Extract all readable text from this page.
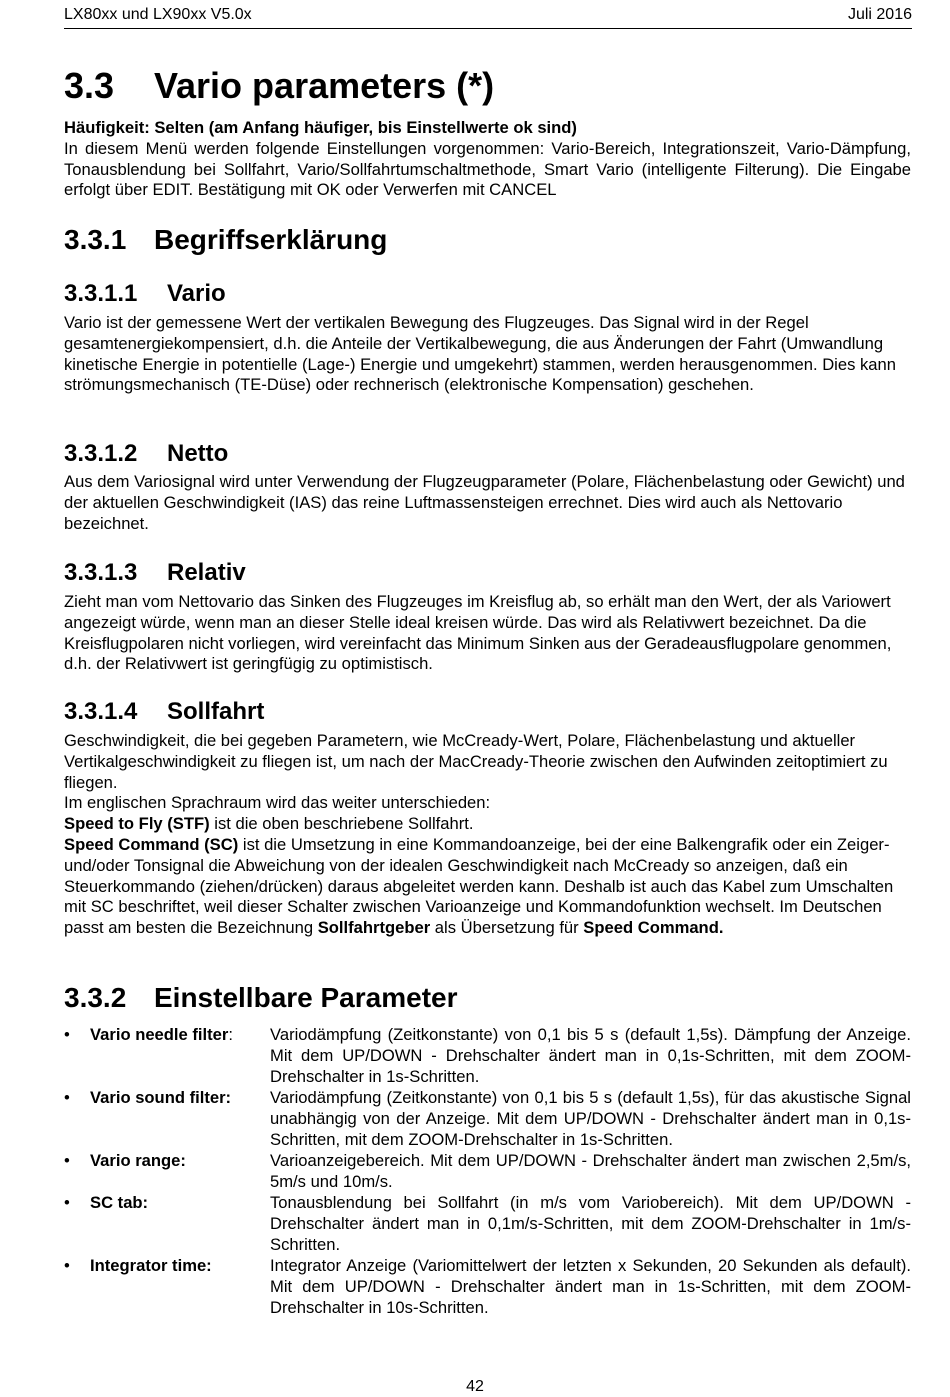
LX80xx und LX90xx V5.0x	Juli 2016
3.3 Vario parameters (*)

Häufigkeit: Selten (am Anfang häufiger, bis Einstellwerte ok sind)
In diesem Menü werden folgende Einstellungen vorgenommen: Vario-Bereich, Integrationszeit, Vario-Dämpfung, Tonausblendung bei Sollfahrt, Vario/Sollfahrtumschaltmethode, Smart Vario (intelligente Filterung). Die Eingabe erfolgt über EDIT. Bestätigung mit OK oder Verwerfen mit CANCEL

3.3.1 Begriffserklärung
3.3.1.1 Vario

Vario ist der gemessene Wert der vertikalen Bewegung des Flugzeuges. Das Signal wird in der Regel gesamtenergiekompensiert, d.h. die Anteile der Vertikalbewegung, die aus Änderungen der Fahrt (Umwandlung kinetische Energie in potentielle (Lage-) Energie und umgekehrt) stammen, werden herausgenommen. Dies kann strömungsmechanisch (TE-Düse) oder rechnerisch (elektronische Kompensation) geschehen.

3.3.1.2 Netto

Aus dem Variosignal wird unter Verwendung der Flugzeugparameter (Polare, Flächenbelastung oder Gewicht) und der aktuellen Geschwindigkeit (IAS) das reine Luftmassensteigen errechnet. Dies wird auch als Nettovario bezeichnet.

3.3.1.3 Relativ

Zieht man vom Nettovario das Sinken des Flugzeuges im Kreisflug ab, so erhält man den Wert, der als Variowert angezeigt würde, wenn man an dieser Stelle ideal kreisen würde. Das wird als Relativwert bezeichnet. Da die Kreisflugpolaren nicht vorliegen, wird vereinfacht das Minimum Sinken aus der Geradeausflugpolare genommen, d.h. der Relativwert ist geringfügig zu optimistisch.

3.3.1.4 Sollfahrt

Geschwindigkeit, die bei gegeben Parametern, wie McCready-Wert, Polare, Flächenbelastung und aktueller Vertikalgeschwindigkeit zu fliegen ist, um nach der MacCready-Theorie zwischen den Aufwinden zeitoptimiert zu fliegen.
Im englischen Sprachraum wird das weiter unterschieden:
Speed to Fly (STF) ist die oben beschriebene Sollfahrt.
Speed Command (SC) ist die Umsetzung in eine Kommandoanzeige, bei der eine Balkengrafik oder ein Zeiger- und/oder Tonsignal die Abweichung von der idealen Geschwindigkeit nach McCready so anzeigen, daß ein Steuerkommando (ziehen/drücken) daraus abgeleitet werden kann. Deshalb ist auch das Kabel zum Umschalten mit SC beschriftet, weil dieser Schalter zwischen Varioanzeige und Kommandofunktion wechselt. Im Deutschen passt am besten die Bezeichnung Sollfahrtgeber als Übersetzung für Speed Command.

3.3.2 Einstellbare Parameter
• Vario needle filter: Variodämpfung (Zeitkonstante) von 0,1 bis 5 s (default 1,5s). Dämpfung der Anzeige. Mit dem UP/DOWN - Drehschalter ändert man in 0,1s-Schritten, mit dem ZOOM-Drehschalter in 1s-Schritten.
• Vario sound filter: Variodämpfung (Zeitkonstante) von 0,1 bis 5 s (default 1,5s), für das akustische Signal unabhängig von der Anzeige. Mit dem UP/DOWN - Drehschalter ändert man in 0,1s-Schritten, mit dem ZOOM-Drehschalter in 1s-Schritten.
• Vario range:	Varioanzeigebereich. Mit dem UP/DOWN - Drehschalter ändert man zwischen 2,5m/s, 5m/s und 10m/s.
• SC tab:	Tonausblendung bei Sollfahrt (in m/s vom Variobereich). Mit dem UP/DOWN - Drehschalter ändert man in 0,1m/s-Schritten, mit dem ZOOM-Drehschalter in 1m/s-Schritten.
• Integrator time:	Integrator Anzeige (Variomittelwert der letzten x Sekunden, 20 Sekunden als default). Mit dem UP/DOWN - Drehschalter ändert man in 1s-Schritten, mit dem ZOOM-Drehschalter in 10s-Schritten.
42
